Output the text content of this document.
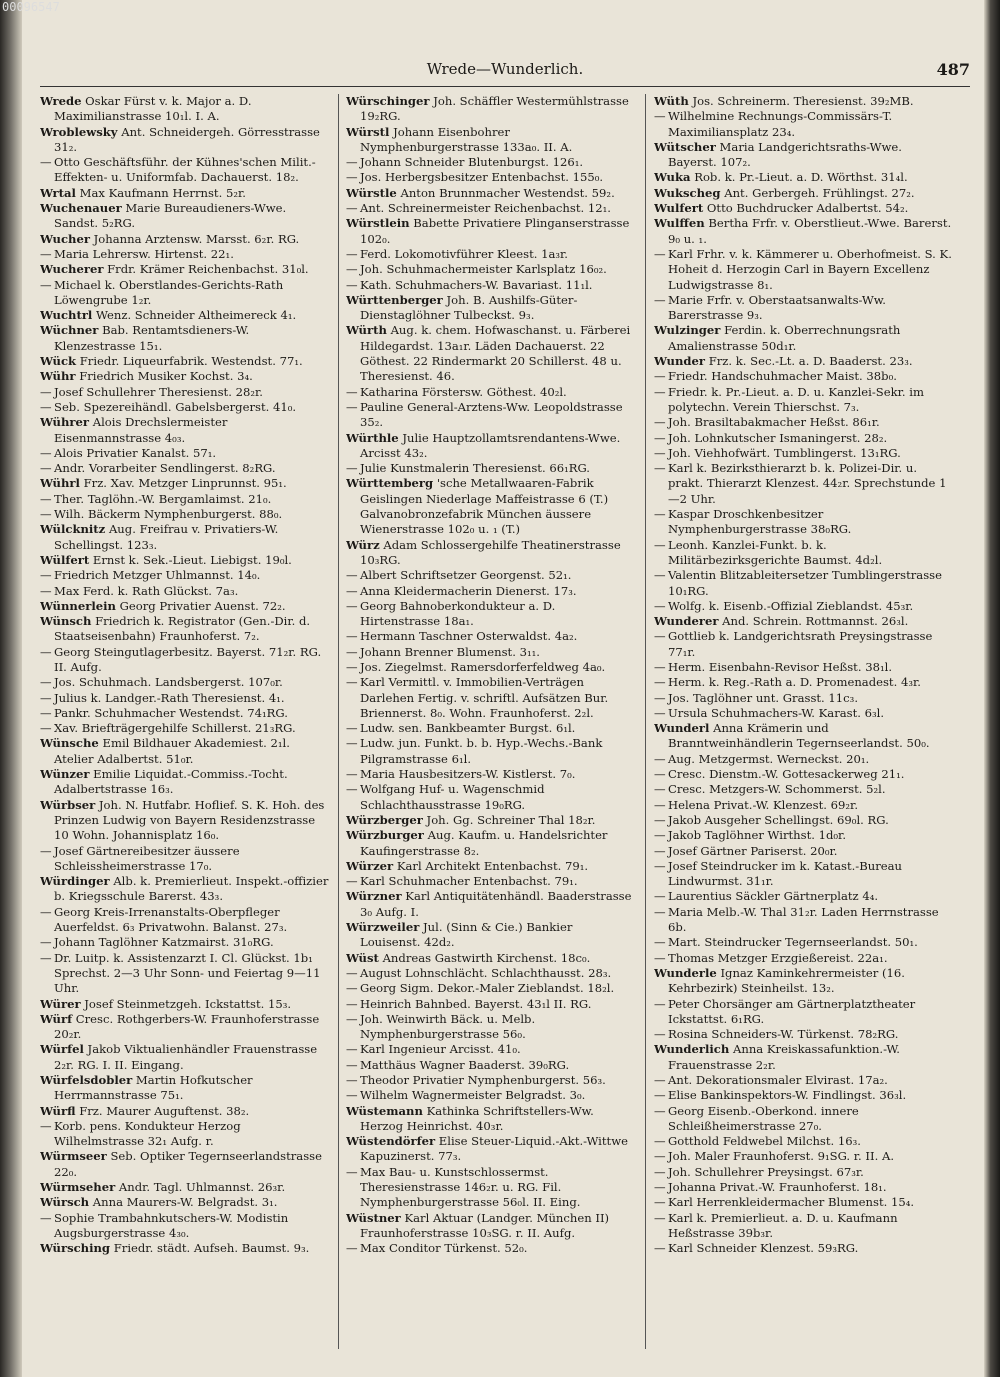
00096547
Wrede—Wunderlich.	487

Wrede Oskar Fürst v. k. Major a. D. Maximilianstrasse 10₁l. I. A.

Wroblewsky Ant. Schneidergeh. Görresstrasse 31₂.

— Otto Geschäftsführ. der Kühnes'schen Milit.-Effekten- u. Uniformfab. Dachauerst. 18₂.

Wrtal Max Kaufmann Herrnst. 5₂r.

Wuchenauer Marie Bureaudieners-Wwe. Sandst. 5₂RG.

Wucher Johanna Arztensw. Marsst. 6₂r. RG.

— Maria Lehrersw. Hirtenst. 22₁.

Wucherer Frdr. Krämer Reichenbachst. 31₀l.

— Michael k. Oberstlandes-Gerichts-Rath Löwengrube 1₂r.

Wuchtrl Wenz. Schneider Altheimereck 4₁.

Wüchner Bab. Rentamtsdieners-W. Klenzestrasse 15₁.

Wück Friedr. Liqueurfabrik. Westendst. 77₁.

Wühr Friedrich Musiker Kochst. 3₄.

— Josef Schullehrer Theresienst. 28₂r.

— Seb. Spezereihändl. Gabelsbergerst. 41₀.

Wührer Alois Drechslermeister Eisenmannstrasse 4₀₃.

— Alois Privatier Kanalst. 57₁.

— Andr. Vorarbeiter Sendlingerst. 8₂RG.

Wührl Frz. Xav. Metzger Linprunnst. 95₁.

— Ther. Taglöhn.-W. Bergamlaimst. 21₀.

— Wilh. Bäckerm Nymphenburgerst. 88₀.

Wülcknitz Aug. Freifrau v. Privatiers-W. Schellingst. 123₃.

Wülfert Ernst k. Sek.-Lieut. Liebigst. 19₀l.

— Friedrich Metzger Uhlmannst. 14₀.

— Max Ferd. k. Rath Glückst. 7a₃.

Wünnerlein Georg Privatier Auenst. 72₂.

Wünsch Friedrich k. Registrator (Gen.-Dir. d. Staatseisenbahn) Fraunhoferst. 7₂.

— Georg Steingutlagerbesitz. Bayerst. 71₂r. RG. II. Aufg.

— Jos. Schuhmach. Landsbergerst. 107₀r.

— Julius k. Landger.-Rath Theresienst. 4₁.

— Pankr. Schuhmacher Westendst. 74₁RG.

— Xav. Briefträgergehilfe Schillerst. 21₃RG.

Wünsche Emil Bildhauer Akademiest. 2₁l. Atelier Adalbertst. 51₀r.

Wünzer Emilie Liquidat.-Commiss.-Tocht. Adalbertstrasse 16₃.

Würbser Joh. N. Hutfabr. Hoflief. S. K. Hoh. des Prinzen Ludwig von Bayern Residenzstrasse 10 Wohn. Johannisplatz 16₀.

— Josef Gärtnereibesitzer äussere Schleissheimerstrasse 17₀.

Würdinger Alb. k. Premierlieut. Inspekt.-offizier b. Kriegsschule Barerst. 43₃.

— Georg Kreis-Irrenanstalts-Oberpfleger Auerfeldst. 6₃ Privatwohn. Balanst. 27₃.

— Johann Taglöhner Katzmairst. 31₀RG.

— Dr. Luitp. k. Assistenzarzt I. Cl. Glückst. 1b₁ Sprechst. 2—3 Uhr Sonn- und Feiertag 9—11 Uhr.

Würer Josef Steinmetzgeh. Ickstattst. 15₃.

Würf Cresc. Rothgerbers-W. Fraunhoferstrasse 20₂r.

Würfel Jakob Viktualienhändler Frauenstrasse 2₂r. RG. I. II. Eingang.

Würfelsdobler Martin Hofkutscher Herrmannstrasse 75₁.

Würfl Frz. Maurer Auguftenst. 38₂.

— Korb. pens. Kondukteur Herzog Wilhelmstrasse 32₁ Aufg. r.

Würmseer Seb. Optiker Tegernseerlandstrasse 22₀.

Würmseher Andr. Tagl. Uhlmannst. 26₃r.

Würsch Anna Maurers-W. Belgradst. 3₁.

— Sophie Trambahnkutschers-W. Modistin Augsburgerstrasse 4₃₀.

Würsching Friedr. städt. Aufseh. Baumst. 9₃.

Würschinger Joh. Schäffler Westermühlstrasse 19₂RG.

Würstl Johann Eisenbohrer Nymphenburgerstrasse 133a₀. II. A.

— Johann Schneider Blutenburgst. 126₁.

— Jos. Herbergsbesitzer Entenbachst. 155₀.

Würstle Anton Brunnmacher Westendst. 59₂.

— Ant. Schreinermeister Reichenbachst. 12₁.

Würstlein Babette Privatiere Plinganserstrasse 102₀.

— Ferd. Lokomotivführer Kleest. 1a₃r.

— Joh. Schuhmachermeister Karlsplatz 16₀₂.

— Kath. Schuhmachers-W. Bavariast. 11₁l.

Württenberger Joh. B. Aushilfs-Güter-Dienstaglöhner Tulbeckst. 9₃.

Würth Aug. k. chem. Hofwaschanst. u. Färberei Hildegardst. 13a₁r. Läden Dachauerst. 22 Göthest. 22 Rindermarkt 20 Schillerst. 48 u. Theresienst. 46.

— Katharina Förstersw. Göthest. 40₂l.

— Pauline General-Arztens-Ww. Leopoldstrasse 35₂.

Würthle Julie Hauptzollamtsrendantens-Wwe. Arcisst 43₂.

— Julie Kunstmalerin Theresienst. 66₁RG.

Württemberg 'sche Metallwaaren-Fabrik Geislingen Niederlage Maffeistrasse 6 (T.) Galvanobronzefabrik München äussere Wienerstrasse 102₀ u. ₁ (T.)

Würz Adam Schlossergehilfe Theatinerstrasse 10₃RG.

— Albert Schriftsetzer Georgenst. 52₁.

— Anna Kleidermacherin Dienerst. 17₃.

— Georg Bahnoberkondukteur a. D. Hirtenstrasse 18a₁.

— Hermann Taschner Osterwaldst. 4a₂.

— Johann Brenner Blumenst. 3₁₁.

— Jos. Ziegelmst. Ramersdorferfeldweg 4a₀.

— Karl Vermittl. v. Immobilien-Verträgen Darlehen Fertig. v. schriftl. Aufsätzen Bur. Briennerst. 8₀. Wohn. Fraunhoferst. 2₂l.

— Ludw. sen. Bankbeamter Burgst. 6₁l.

— Ludw. jun. Funkt. b. b. Hyp.-Wechs.-Bank Pilgramstrasse 6₁l.

— Maria Hausbesitzers-W. Kistlerst. 7₀.

— Wolfgang Huf- u. Wagenschmid Schlachthausstrasse 19₀RG.

Würzberger Joh. Gg. Schreiner Thal 18₂r.

Würzburger Aug. Kaufm. u. Handelsrichter Kaufingerstrasse 8₂.

Würzer Karl Architekt Entenbachst. 79₁.

— Karl Schuhmacher Entenbachst. 79₁.

Würzner Karl Antiquitätenhändl. Baaderstrasse 3₀ Aufg. I.

Würzweiler Jul. (Sinn & Cie.) Bankier Louisenst. 42d₂.

Wüst Andreas Gastwirth Kirchenst. 18c₀.

— August Lohnschlächt. Schlachthausst. 28₃.

— Georg Sigm. Dekor.-Maler Zieblandst. 18₂l.

— Heinrich Bahnbed. Bayerst. 43₁l II. RG.

— Joh. Weinwirth Bäck. u. Melb. Nymphenburgerstrasse 56₀.

— Karl Ingenieur Arcisst. 41₀.

— Matthäus Wagner Baaderst. 39₀RG.

— Theodor Privatier Nymphenburgerst. 56₃.

— Wilhelm Wagnermeister Belgradst. 3₀.

Wüstemann Kathinka Schriftstellers-Ww. Herzog Heinrichst. 40₃r.

Wüstendörfer Elise Steuer-Liquid.-Akt.-Wittwe Kapuzinerst. 77₃.

— Max Bau- u. Kunstschlossermst. Theresienstrasse 146₂r. u. RG. Fil. Nymphenburgerstrasse 56₀l. II. Eing.

Wüstner Karl Aktuar (Landger. München II) Fraunhoferstrasse 10₃SG. r. II. Aufg.

— Max Conditor Türkenst. 52₀.

Wüth Jos. Schreinerm. Theresienst. 39₂MB.

— Wilhelmine Rechnungs-Commissärs-T. Maximiliansplatz 23₄.

Wütscher Maria Landgerichtsraths-Wwe. Bayerst. 107₂.

Wuka Rob. k. Pr.-Lieut. a. D. Wörthst. 31₄l.

Wukscheg Ant. Gerbergeh. Frühlingst. 27₂.

Wulfert Otto Buchdrucker Adalbertst. 54₂.

Wulffen Bertha Frfr. v. Oberstlieut.-Wwe. Barerst. 9₀ u. ₁.

— Karl Frhr. v. k. Kämmerer u. Oberhofmeist. S. K. Hoheit d. Herzogin Carl in Bayern Excellenz Ludwigstrasse 8₁.

— Marie Frfr. v. Oberstaatsanwalts-Ww. Barerstrasse 9₃.

Wulzinger Ferdin. k. Oberrechnungsrath Amalienstrasse 50d₁r.

Wunder Frz. k. Sec.-Lt. a. D. Baaderst. 23₃.

— Friedr. Handschuhmacher Maist. 38b₀.

— Friedr. k. Pr.-Lieut. a. D. u. Kanzlei-Sekr. im polytechn. Verein Thierschst. 7₃.

— Joh. Brasiltabakmacher Heßst. 86₁r.

— Joh. Lohnkutscher Ismaningerst. 28₂.

— Joh. Viehhofwärt. Tumblingerst. 13₁RG.

— Karl k. Bezirksthierarzt b. k. Polizei-Dir. u. prakt. Thierarzt Klenzest. 44₂r. Sprechstunde 1—2 Uhr.

— Kaspar Droschkenbesitzer Nymphenburgerstrasse 38₀RG.

— Leonh. Kanzlei-Funkt. b. k. Militärbezirksgerichte Baumst. 4d₂l.

— Valentin Blitzableitersetzer Tumblingerstrasse 10₁RG.

— Wolfg. k. Eisenb.-Offizial Zieblandst. 45₃r.

Wunderer And. Schrein. Rottmannst. 26₃l.

— Gottlieb k. Landgerichtsrath Preysingstrasse 77₁r.

— Herm. Eisenbahn-Revisor Heßst. 38₁l.

— Herm. k. Reg.-Rath a. D. Promenadest. 4₃r.

— Jos. Taglöhner unt. Grasst. 11c₃.

— Ursula Schuhmachers-W. Karast. 6₃l.

Wunderl Anna Krämerin und Branntweinhändlerin Tegernseerlandst. 50₀.

— Aug. Metzgermst. Werneckst. 20₁.

— Cresc. Dienstm.-W. Gottesackerweg 21₁.

— Cresc. Metzgers-W. Schommerst. 5₂l.

— Helena Privat.-W. Klenzest. 69₂r.

— Jakob Ausgeher Schellingst. 69₀l. RG.

— Jakob Taglöhner Wirthst. 1d₀r.

— Josef Gärtner Pariserst. 20₀r.

— Josef Steindrucker im k. Katast.-Bureau Lindwurmst. 31₁r.

— Laurentius Säckler Gärtnerplatz 4₄.

— Maria Melb.-W. Thal 31₂r. Laden Herrnstrasse 6b.

— Mart. Steindrucker Tegernseerlandst. 50₁.

— Thomas Metzger Erzgießereist. 22a₁.

Wunderle Ignaz Kaminkehrermeister (16. Kehrbezirk) Steinheilst. 13₂.

— Peter Chorsänger am Gärtnerplatztheater Ickstattst. 6₁RG.

— Rosina Schneiders-W. Türkenst. 78₂RG.

Wunderlich Anna Kreiskassafunktion.-W. Frauenstrasse 2₂r.

— Ant. Dekorationsmaler Elvirast. 17a₂.

— Elise Bankinspektors-W. Findlingst. 36₃l.

— Georg Eisenb.-Oberkond. innere Schleißheimerstrasse 27₀.

— Gotthold Feldwebel Milchst. 16₃.

— Joh. Maler Fraunhoferst. 9₁SG. r. II. A.

— Joh. Schullehrer Preysingst. 67₃r.

— Johanna Privat.-W. Fraunhoferst. 18₁.

— Karl Herrenkleidermacher Blumenst. 15₄.

— Karl k. Premierlieut. a. D. u. Kaufmann Heßstrasse 39b₃r.

— Karl Schneider Klenzest. 59₃RG.
